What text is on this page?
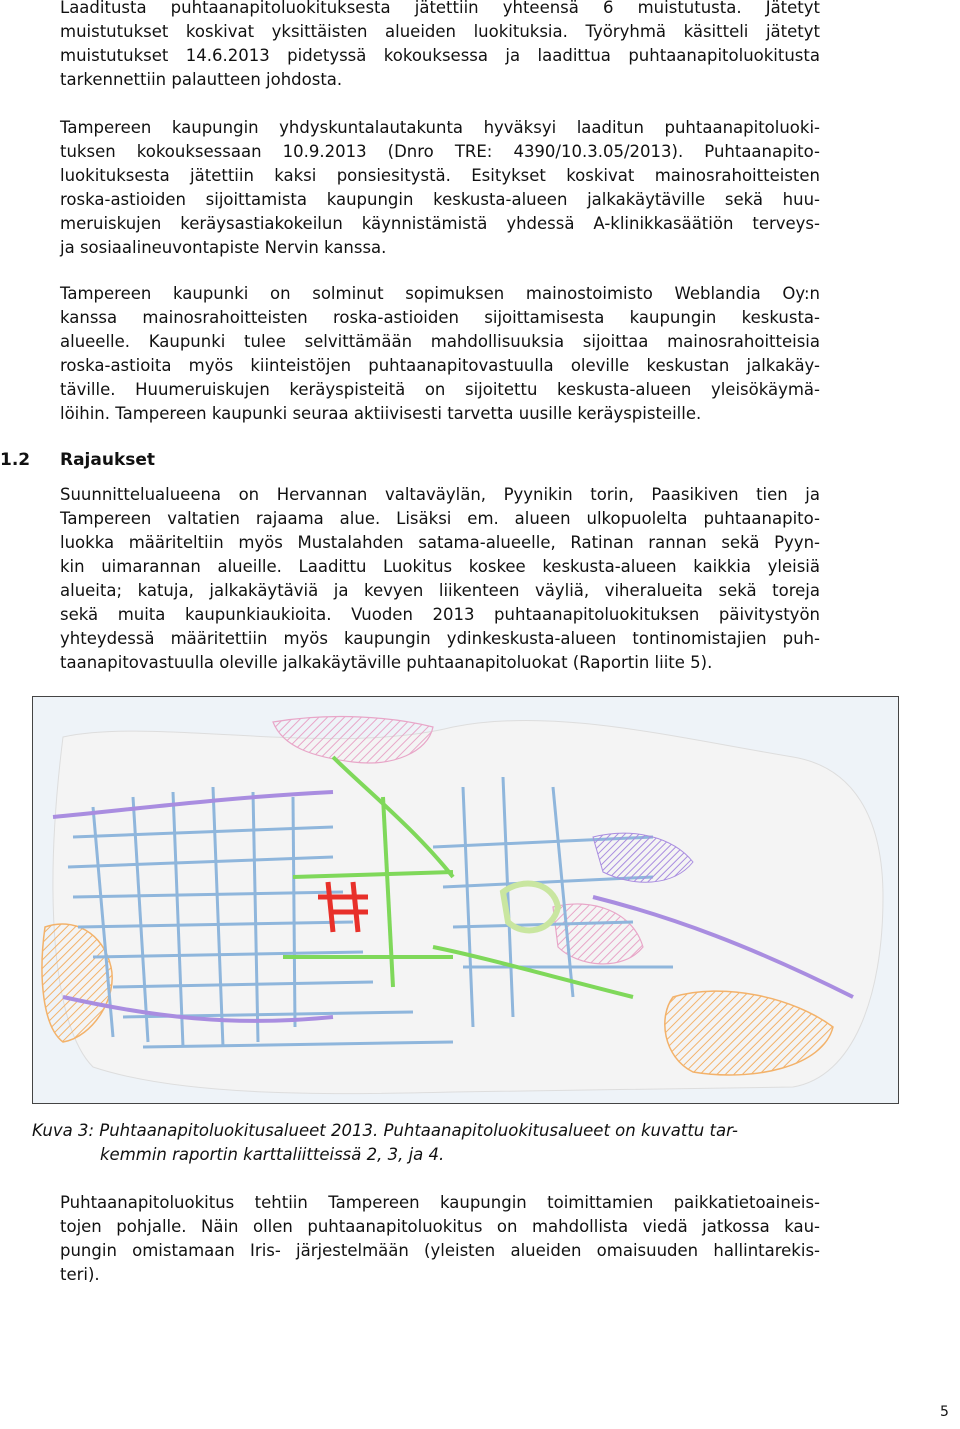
Laaditusta puhtaanapitoluokituksesta jätettiin yhteensä 6 muistutusta. Jätetyt
muistutukset koskivat yksittäisten alueiden luokituksia. Työryhmä käsitteli jätetyt
muistutukset 14.6.2013 pidetyssä kokouksessa ja laadittua puhtaanapitoluokitusta
tarkennettiin palautteen johdosta.
Tampereen kaupungin yhdyskuntalautakunta hyväksyi laaditun puhtaanapitoluoki-
tuksen kokouksessaan 10.9.2013 (Dnro TRE: 4390/10.3.05/2013). Puhtaanapito-
luokituksesta jätettiin kaksi ponsiesitystä. Esitykset koskivat mainosrahoitteisten
roska-astioiden sijoittamista kaupungin keskusta-alueen jalkakäytäville sekä huu-
meruiskujen keräysastiakokeilun käynnistämistä yhdessä A-klinikkasäätiön terveys-
ja sosiaalineuvontapiste Nervin kanssa.
Tampereen kaupunki on solminut sopimuksen mainostoimisto Weblandia Oy:n
kanssa mainosrahoitteisten roska-astioiden sijoittamisesta kaupungin keskusta-
alueelle. Kaupunki tulee selvittämään mahdollisuuksia sijoittaa mainosrahoitteisia
roska-astioita myös kiinteistöjen puhtaanapitovastuulla oleville keskustan jalkakäy-
täville. Huumeruiskujen keräyspisteitä on sijoitettu keskusta-alueen yleisökäymä-
löihin. Tampereen kaupunki seuraa aktiivisesti tarvetta uusille keräyspisteille.
1.2 Rajaukset
Suunnittelualueena on Hervannan valtaväylän, Pyynikin torin, Paasikiven tien ja
Tampereen valtatien rajaama alue. Lisäksi em. alueen ulkopuolelta puhtaanapito-
luokka määriteltiin myös Mustalahden satama-alueelle, Ratinan rannan sekä Pyyn-
kin uimarannan alueille. Laadittu Luokitus koskee keskusta-alueen kaikkia yleisiä
alueita; katuja, jalkakäytäviä ja kevyen liikenteen väyliä, viheralueita sekä toreja
sekä muita kaupunkiaukioita. Vuoden 2013 puhtaanapitoluokituksen päivitystyön
yhteydessä määritettiin myös kaupungin ydinkeskusta-alueen tontinomistajien puh-
taanapitovastuulla oleville jalkakäytäville puhtaanapitoluokat (Raportin liite 5).
Kuva 3: Puhtaanapitoluokitusalueet 2013. Puhtaanapitoluokitusalueet on kuvattu tar-
kemmin raportin karttaliitteissä 2, 3, ja 4.
Puhtaanapitoluokitus tehtiin Tampereen kaupungin toimittamien paikkatietoaineis-
tojen pohjalle. Näin ollen puhtaanapitoluokitus on mahdollista viedä jatkossa kau-
pungin omistamaan Iris- järjestelmään (yleisten alueiden omaisuuden hallintarekis-
teri).
5
